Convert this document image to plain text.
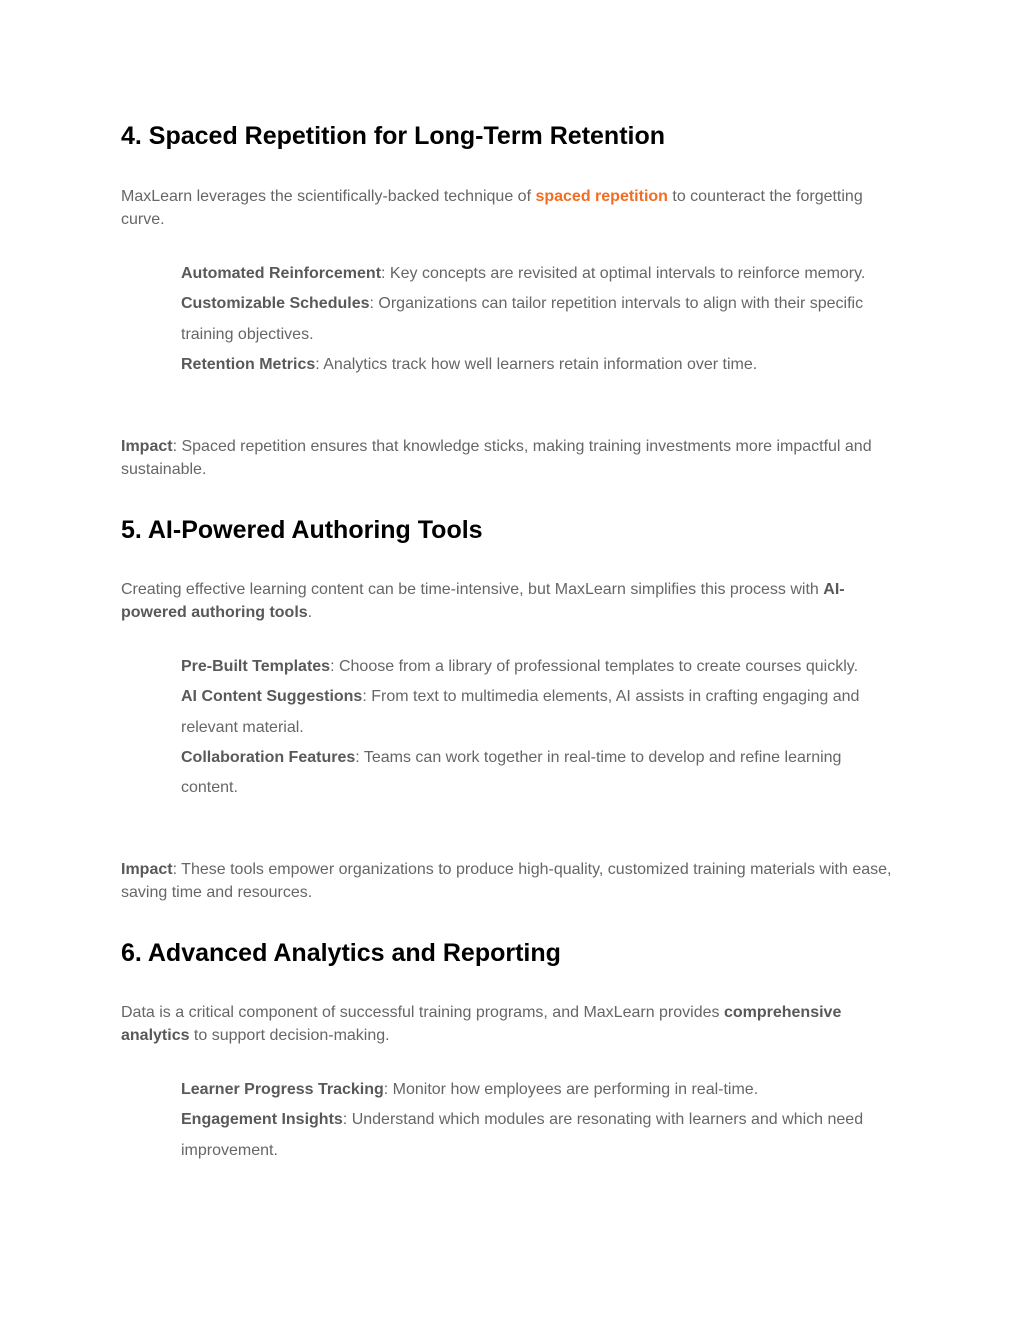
4. Spaced Repetition for Long-Term Retention

MaxLearn leverages the scientifically-backed technique of spaced repetition to counteract the forgetting curve.

Automated Reinforcement: Key concepts are revisited at optimal intervals to reinforce memory.
Customizable Schedules: Organizations can tailor repetition intervals to align with their specific training objectives.
Retention Metrics: Analytics track how well learners retain information over time.

Impact: Spaced repetition ensures that knowledge sticks, making training investments more impactful and sustainable.

5. AI-Powered Authoring Tools

Creating effective learning content can be time-intensive, but MaxLearn simplifies this process with AI-powered authoring tools.

Pre-Built Templates: Choose from a library of professional templates to create courses quickly.
AI Content Suggestions: From text to multimedia elements, AI assists in crafting engaging and relevant material.
Collaboration Features: Teams can work together in real-time to develop and refine learning content.

Impact: These tools empower organizations to produce high-quality, customized training materials with ease, saving time and resources.

6. Advanced Analytics and Reporting

Data is a critical component of successful training programs, and MaxLearn provides comprehensive analytics to support decision-making.

Learner Progress Tracking: Monitor how employees are performing in real-time.
Engagement Insights: Understand which modules are resonating with learners and which need improvement.
